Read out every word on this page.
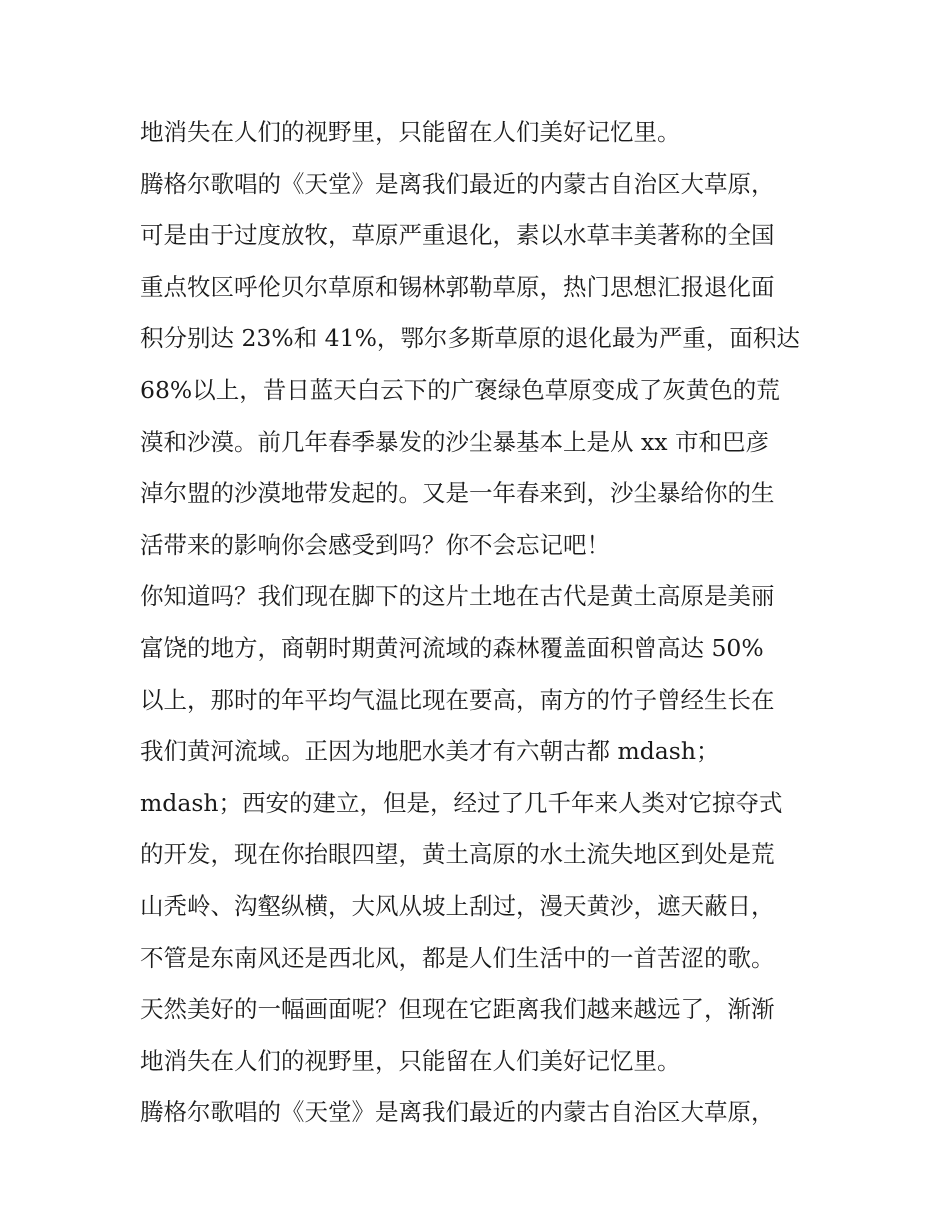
地消失在人们的视野里，只能留在人们美好记忆里。
腾格尔歌唱的《天堂》是离我们最近的内蒙古自治区大草原，
可是由于过度放牧，草原严重退化，素以水草丰美著称的全国
重点牧区呼伦贝尔草原和锡林郭勒草原，热门思想汇报退化面
积分别达 23%和 41%，鄂尔多斯草原的退化最为严重，面积达
68%以上，昔日蓝天白云下的广褒绿色草原变成了灰黄色的荒
漠和沙漠。前几年春季暴发的沙尘暴基本上是从 xx 市和巴彦
淖尔盟的沙漠地带发起的。又是一年春来到，沙尘暴给你的生
活带来的影响你会感受到吗？你不会忘记吧！
你知道吗？我们现在脚下的这片土地在古代是黄土高原是美丽
富饶的地方，商朝时期黄河流域的森林覆盖面积曾高达 50%
以上，那时的年平均气温比现在要高，南方的竹子曾经生长在
我们黄河流域。正因为地肥水美才有六朝古都 mdash；
mdash；西安的建立，但是，经过了几千年来人类对它掠夺式
的开发，现在你抬眼四望，黄土高原的水土流失地区到处是荒
山秃岭、沟壑纵横，大风从坡上刮过，漫天黄沙，遮天蔽日，
不管是东南风还是西北风，都是人们生活中的一首苦涩的歌。
天然美好的一幅画面呢？但现在它距离我们越来越远了，渐渐
地消失在人们的视野里，只能留在人们美好记忆里。
腾格尔歌唱的《天堂》是离我们最近的内蒙古自治区大草原，
